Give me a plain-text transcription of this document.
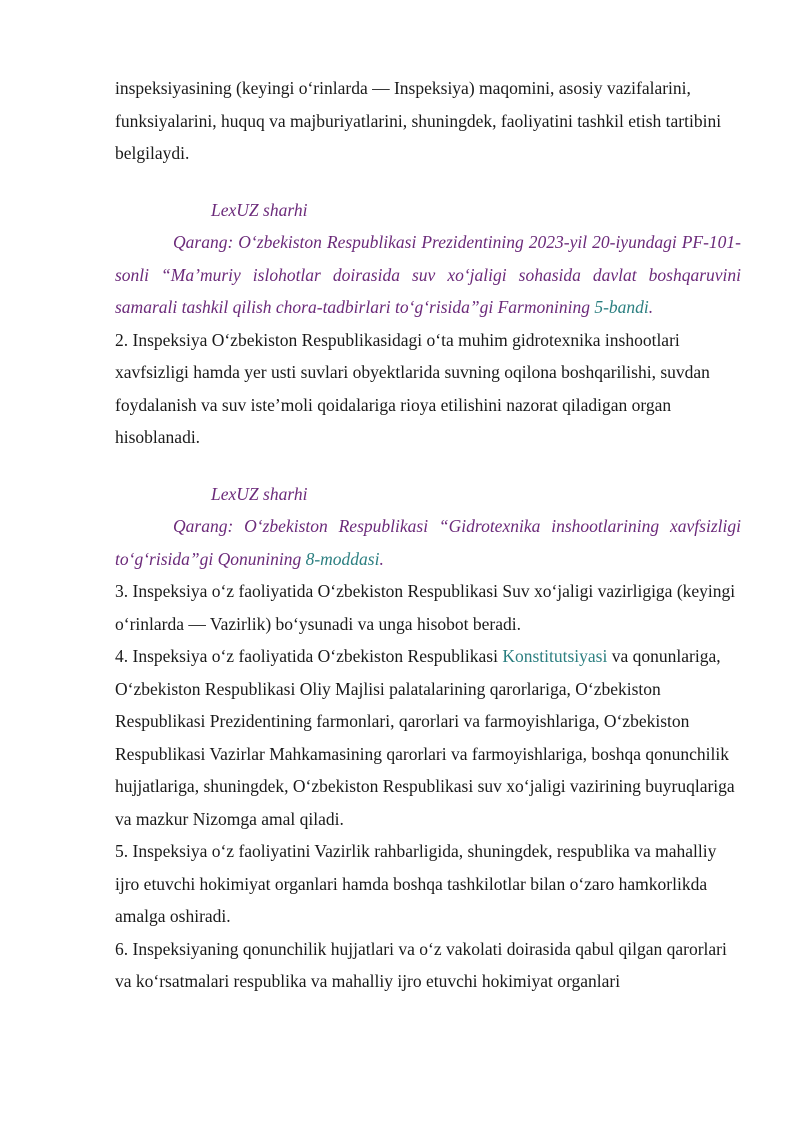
inspeksiyasining (keyingi oʻrinlarda — Inspeksiya) maqomini, asosiy vazifalarini, funksiyalarini, huquq va majburiyatlarini, shuningdek, faoliyatini tashkil etish tartibini belgilaydi.

LexUZ sharhi

Qarang: Oʻzbekiston Respublikasi Prezidentining 2023-yil 20-iyundagi PF-101-sonli “Maʼmuriy islohotlar doirasida suv xoʻjaligi sohasida davlat boshqaruvini samarali tashkil qilish chora-tadbirlari toʻgʻrisida”gi Farmonining 5-bandi.

2. Inspeksiya Oʻzbekiston Respublikasidagi oʻta muhim gidrotexnika inshootlari xavfsizligi hamda yer usti suvlari obyektlarida suvning oqilona boshqarilishi, suvdan foydalanish va suv isteʼmoli qoidalariga rioya etilishini nazorat qiladigan organ hisoblanadi.

LexUZ sharhi

Qarang: Oʻzbekiston Respublikasi “Gidrotexnika inshootlarining xavfsizligi toʻgʻrisida”gi Qonunining 8-moddasi.

3. Inspeksiya oʻz faoliyatida Oʻzbekiston Respublikasi Suv xoʻjaligi vazirligiga (keyingi oʻrinlarda — Vazirlik) boʻysunadi va unga hisobot beradi.

4. Inspeksiya oʻz faoliyatida Oʻzbekiston Respublikasi Konstitutsiyasi va qonunlariga, Oʻzbekiston Respublikasi Oliy Majlisi palatalarining qarorlariga, Oʻzbekiston Respublikasi Prezidentining farmonlari, qarorlari va farmoyishlariga, Oʻzbekiston Respublikasi Vazirlar Mahkamasining qarorlari va farmoyishlariga, boshqa qonunchilik hujjatlariga, shuningdek, Oʻzbekiston Respublikasi suv xoʻjaligi vazirining buyruqlariga va mazkur Nizomga amal qiladi.

5. Inspeksiya oʻz faoliyatini Vazirlik rahbarligida, shuningdek, respublika va mahalliy ijro etuvchi hokimiyat organlari hamda boshqa tashkilotlar bilan oʻzaro hamkorlikda amalga oshiradi.

6. Inspeksiyaning qonunchilik hujjatlari va oʻz vakolati doirasida qabul qilgan qarorlari va koʻrsatmalari respublika va mahalliy ijro etuvchi hokimiyat organlari
